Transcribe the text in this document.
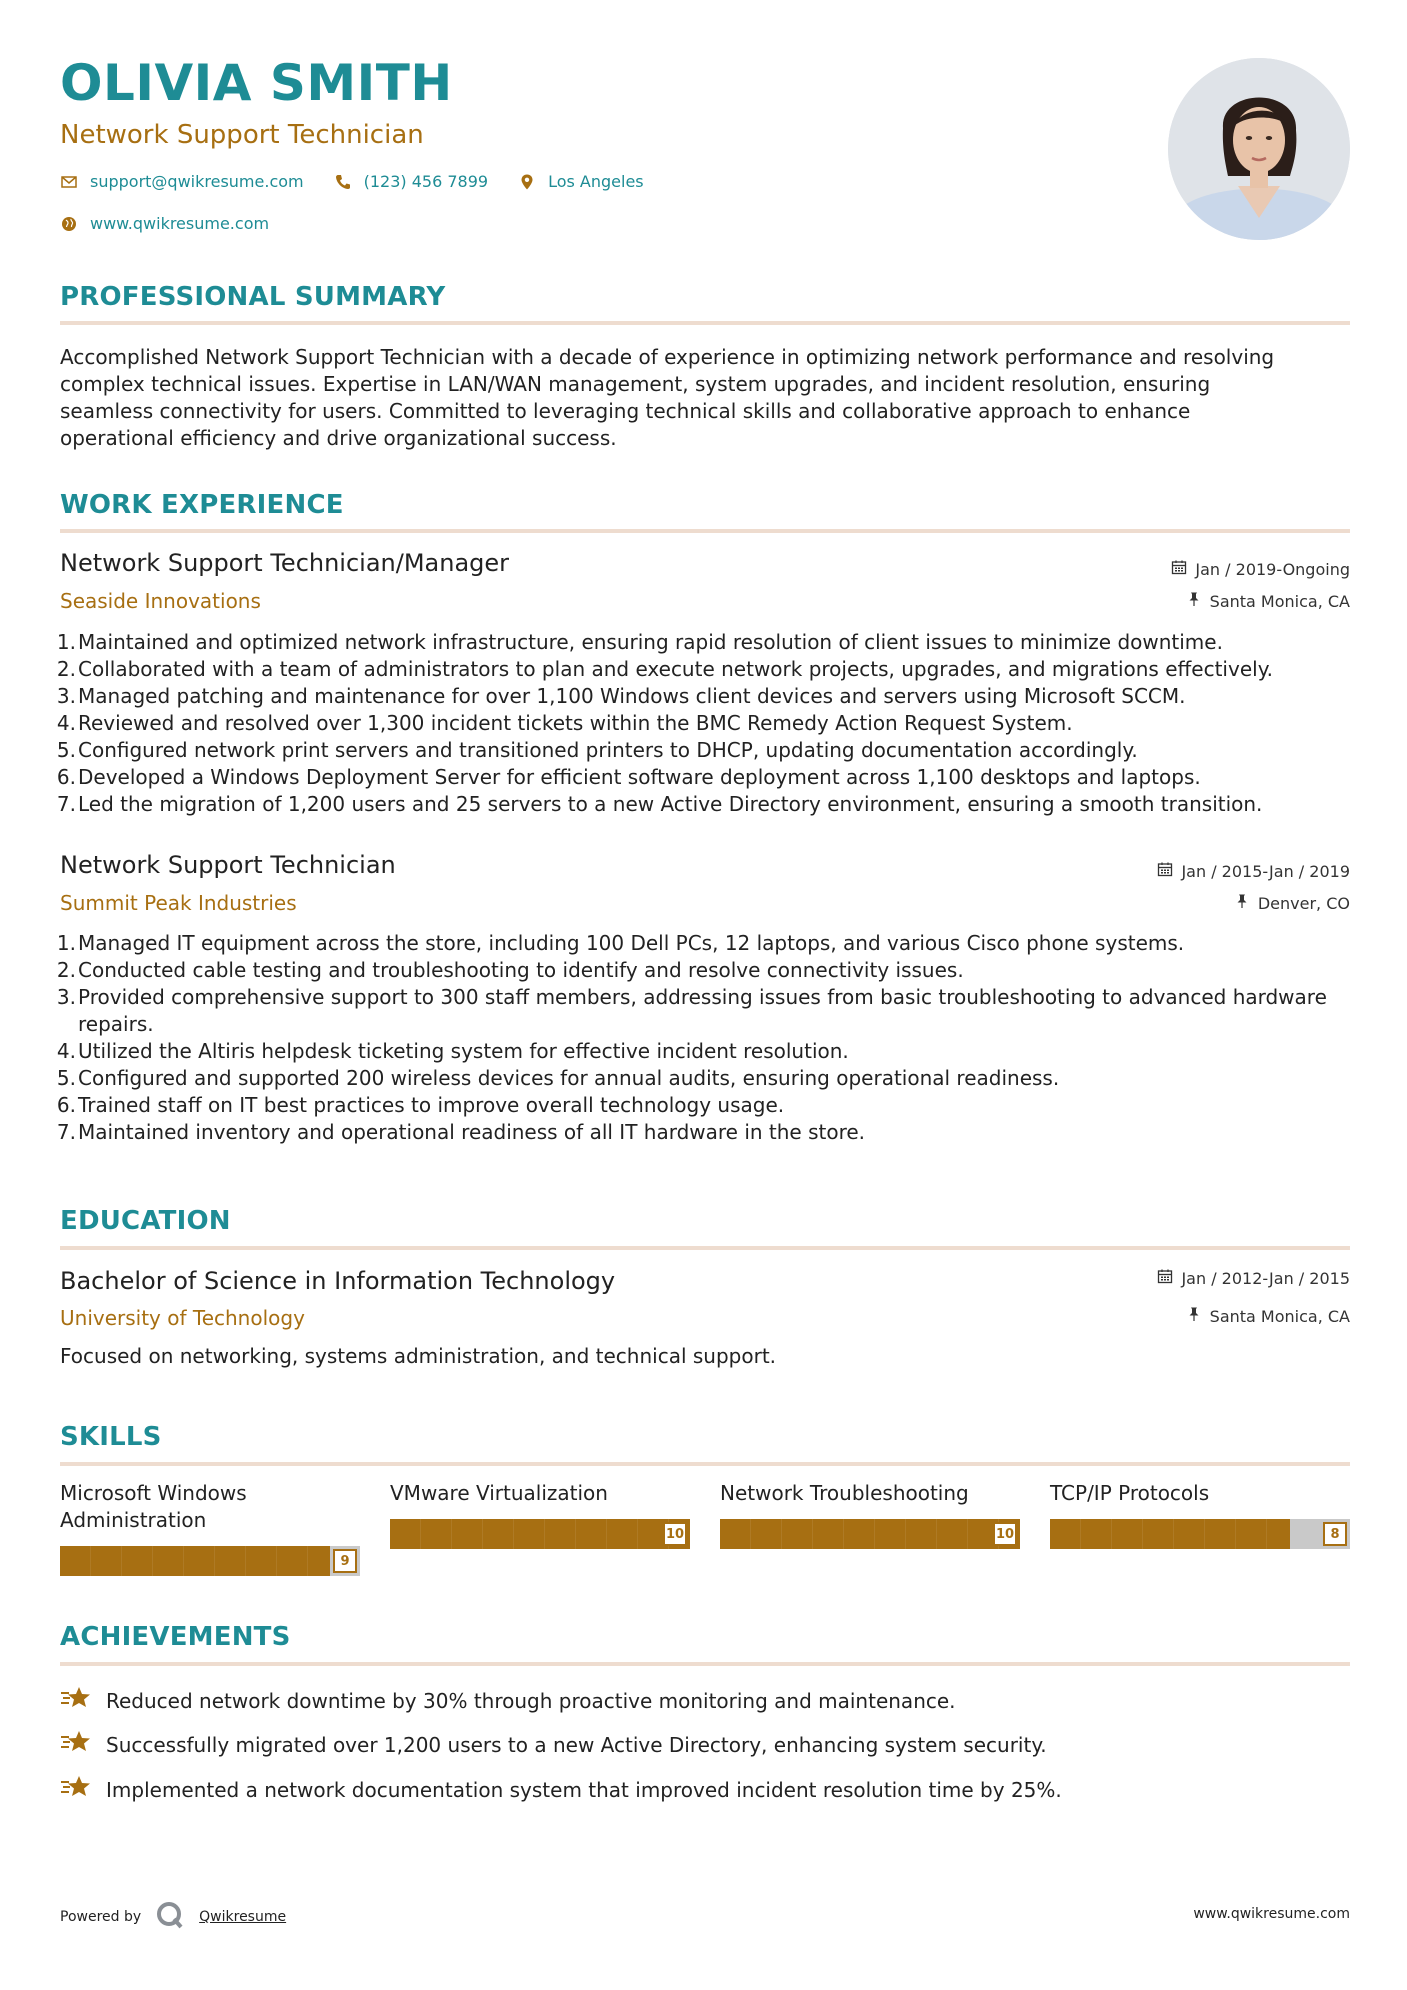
OLIVIA SMITH
Network Support Technician
support@qwikresume.com	(123) 456 7899	Los Angeles
www.qwikresume.com
PROFESSIONAL SUMMARY
Accomplished Network Support Technician with a decade of experience in optimizing network performance and resolving
complex technical issues. Expertise in LAN/WAN management, system upgrades, and incident resolution, ensuring
seamless connectivity for users. Committed to leveraging technical skills and collaborative approach to enhance
operational efficiency and drive organizational success.
WORK EXPERIENCE
Network Support Technician/Manager
Seaside Innovations
Jan / 2019-Ongoing
Santa Monica, CA
1. Maintained and optimized network infrastructure, ensuring rapid resolution of client issues to minimize downtime.
2. Collaborated with a team of administrators to plan and execute network projects, upgrades, and migrations effectively.
3. Managed patching and maintenance for over 1,100 Windows client devices and servers using Microsoft SCCM.
4. Reviewed and resolved over 1,300 incident tickets within the BMC Remedy Action Request System.
5. Configured network print servers and transitioned printers to DHCP, updating documentation accordingly.
6. Developed a Windows Deployment Server for efficient software deployment across 1,100 desktops and laptops.
7. Led the migration of 1,200 users and 25 servers to a new Active Directory environment, ensuring a smooth transition.
Network Support Technician
Summit Peak Industries
Jan / 2015-Jan / 2019
Denver, CO
1. Managed IT equipment across the store, including 100 Dell PCs, 12 laptops, and various Cisco phone systems.
2. Conducted cable testing and troubleshooting to identify and resolve connectivity issues.
3. Provided comprehensive support to 300 staff members, addressing issues from basic troubleshooting to advanced hardware repairs.
4. Utilized the Altiris helpdesk ticketing system for effective incident resolution.
5. Configured and supported 200 wireless devices for annual audits, ensuring operational readiness.
6. Trained staff on IT best practices to improve overall technology usage.
7. Maintained inventory and operational readiness of all IT hardware in the store.
EDUCATION
Bachelor of Science in Information Technology
University of Technology
Jan / 2012-Jan / 2015
Santa Monica, CA
Focused on networking, systems administration, and technical support.
SKILLS
Microsoft Windows Administration
9
VMware Virtualization
10
Network Troubleshooting
10
TCP/IP Protocols
8
ACHIEVEMENTS
Reduced network downtime by 30% through proactive monitoring and maintenance.
Successfully migrated over 1,200 users to a new Active Directory, enhancing system security.
Implemented a network documentation system that improved incident resolution time by 25%.
Powered by	Qwikresume	www.qwikresume.com
